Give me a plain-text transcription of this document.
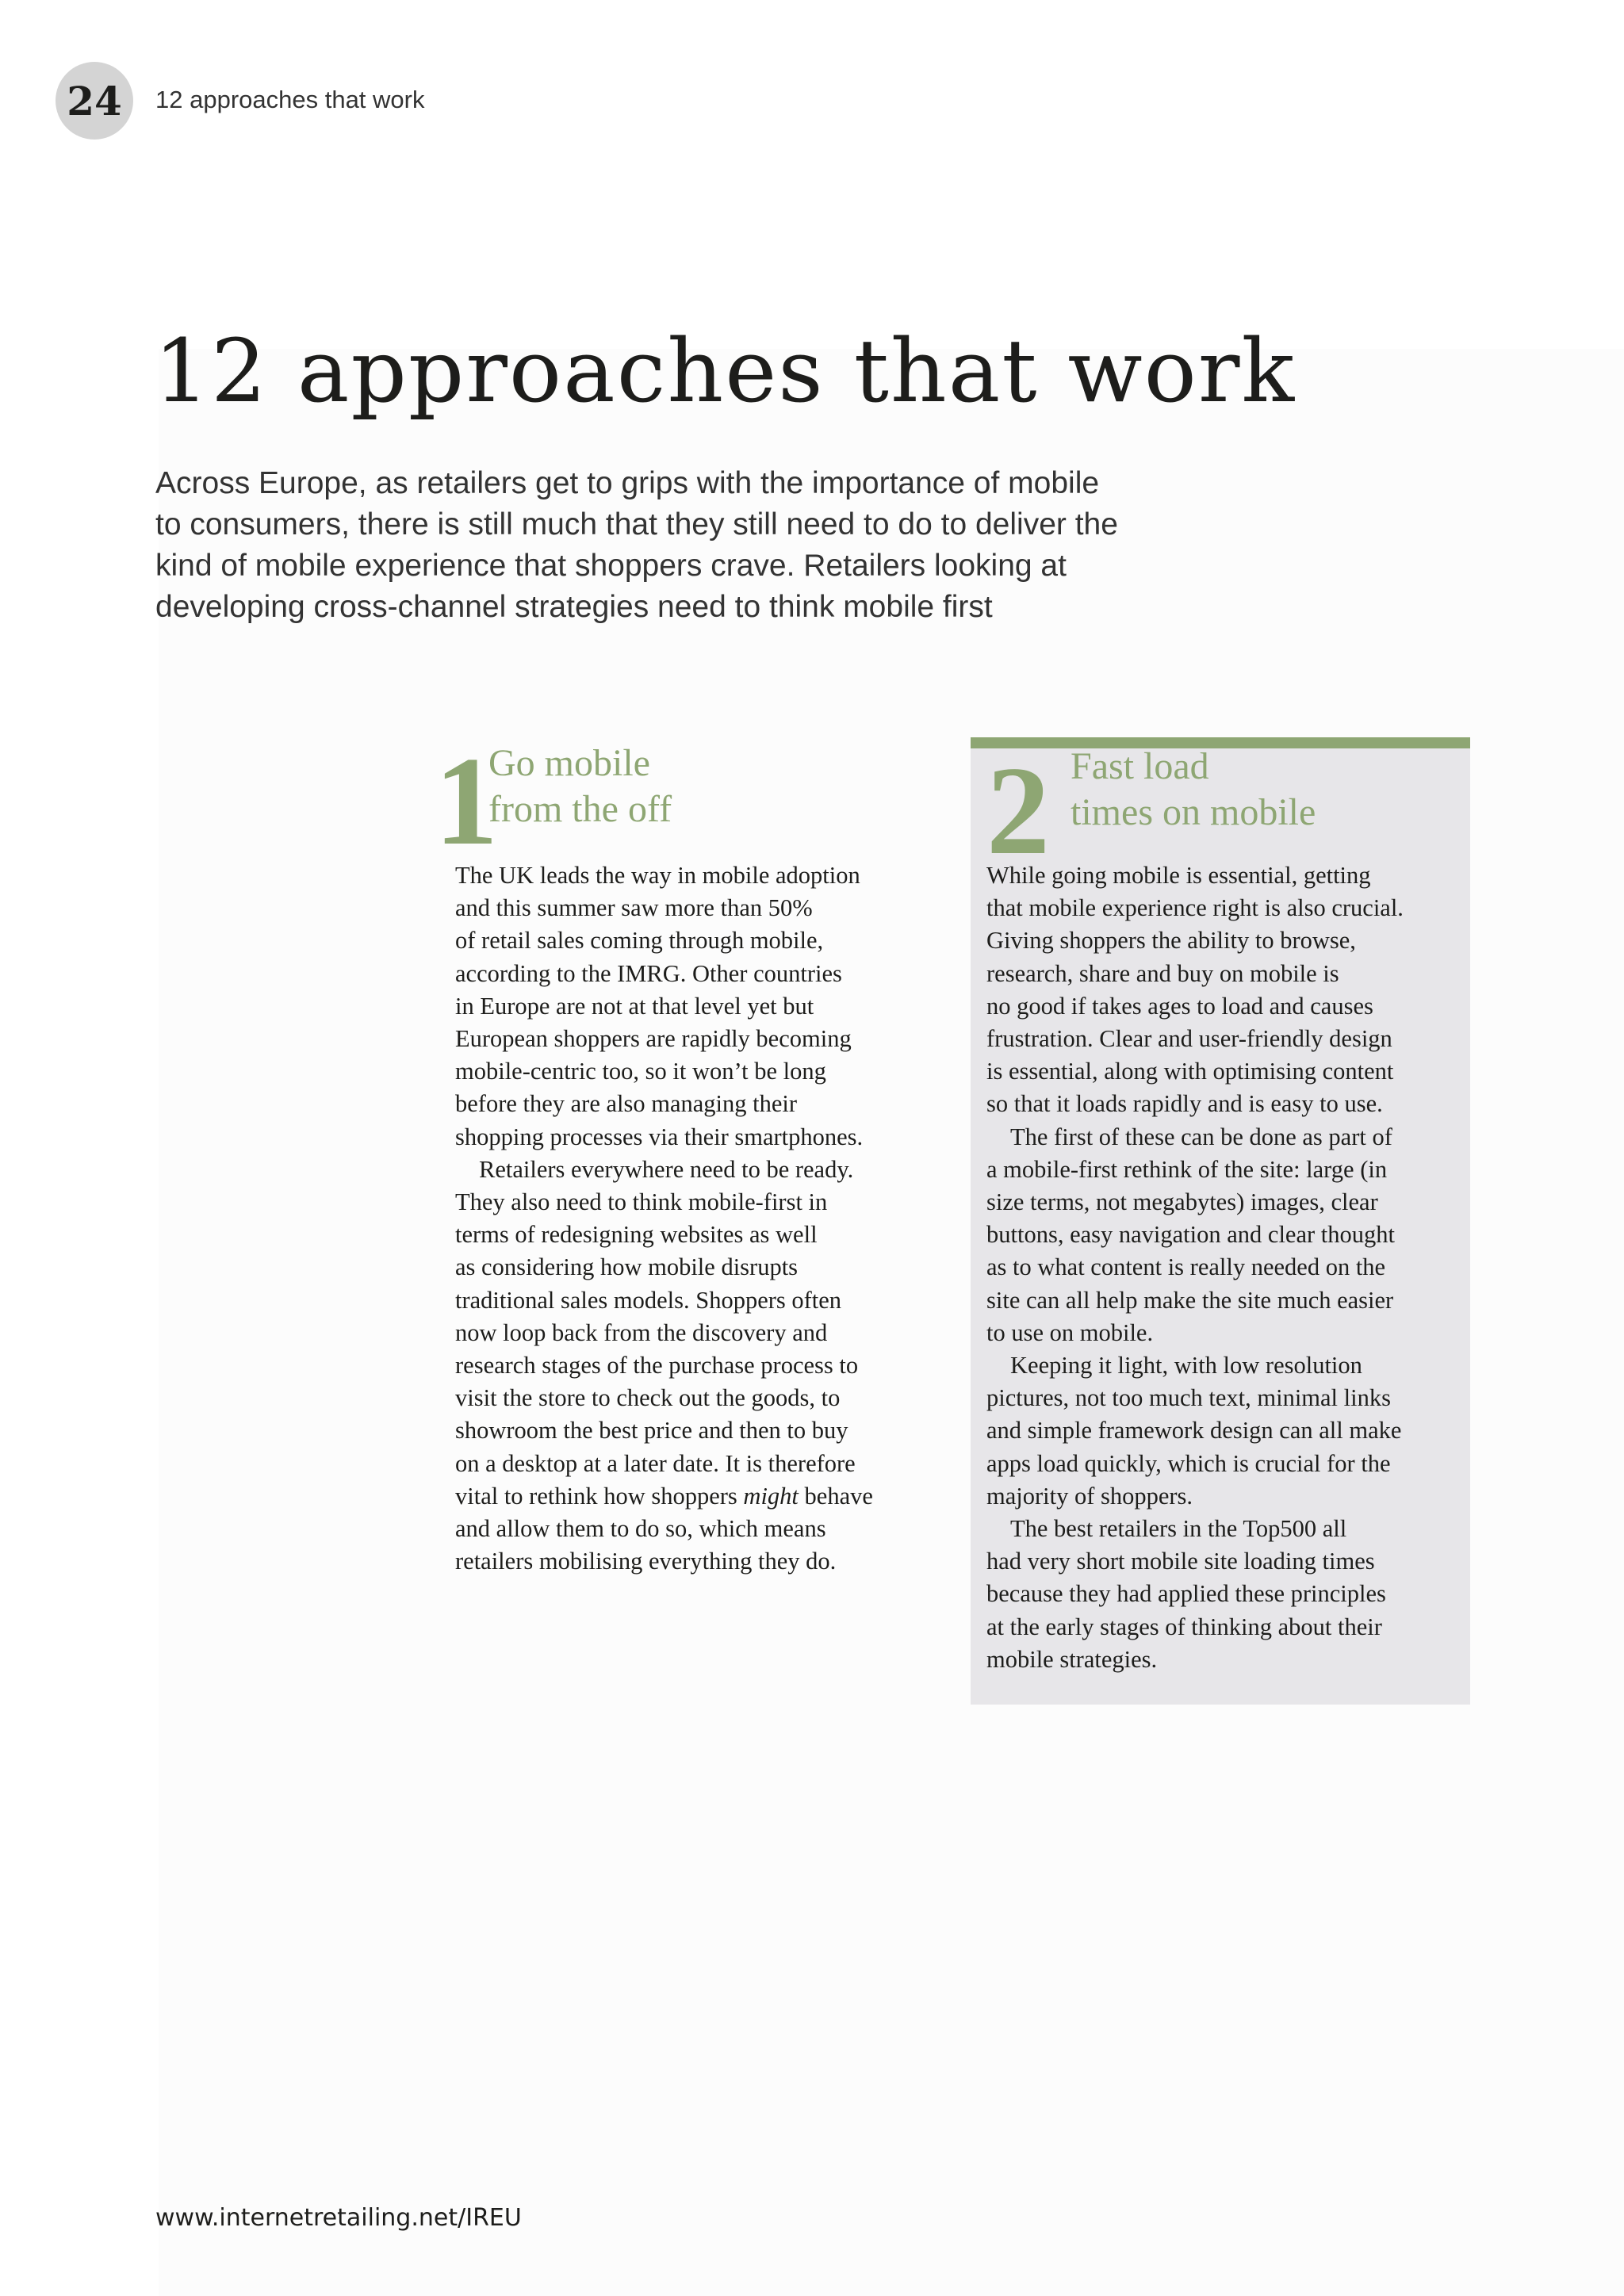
24 12 approaches that work
12 approaches that work

Across Europe, as retailers get to grips with the importance of mobile
to consumers, there is still much that they still need to do to deliver the
kind of mobile experience that shoppers crave. Retailers looking at
developing cross-channel strategies need to think mobile first

1
Go mobile
from the off
The UK leads the way in mobile adoption
and this summer saw more than 50%
of retail sales coming through mobile,
according to the IMRG. Other countries
in Europe are not at that level yet but
European shoppers are rapidly becoming
mobile-centric too, so it won’t be long
before they are also managing their
shopping processes via their smartphones.
Retailers everywhere need to be ready.
They also need to think mobile-first in
terms of redesigning websites as well
as considering how mobile disrupts
traditional sales models. Shoppers often
now loop back from the discovery and
research stages of the purchase process to
visit the store to check out the goods, to
showroom the best price and then to buy
on a desktop at a later date. It is therefore
vital to rethink how shoppers might behave
and allow them to do so, which means
retailers mobilising everything they do.
2 Fast load
times on mobile
While going mobile is essential, getting
that mobile experience right is also crucial.
Giving shoppers the ability to browse,
research, share and buy on mobile is
no good if takes ages to load and causes
frustration. Clear and user-friendly design
is essential, along with optimising content
so that it loads rapidly and is easy to use.
The first of these can be done as part of
a mobile-first rethink of the site: large (in
size terms, not megabytes) images, clear
buttons, easy navigation and clear thought
as to what content is really needed on the
site can all help make the site much easier
to use on mobile.
Keeping it light, with low resolution
pictures, not too much text, minimal links
and simple framework design can all make
apps load quickly, which is crucial for the
majority of shoppers.
The best retailers in the Top500 all
had very short mobile site loading times
because they had applied these principles
at the early stages of thinking about their
mobile strategies.
www.internetretailing.net/IREU
